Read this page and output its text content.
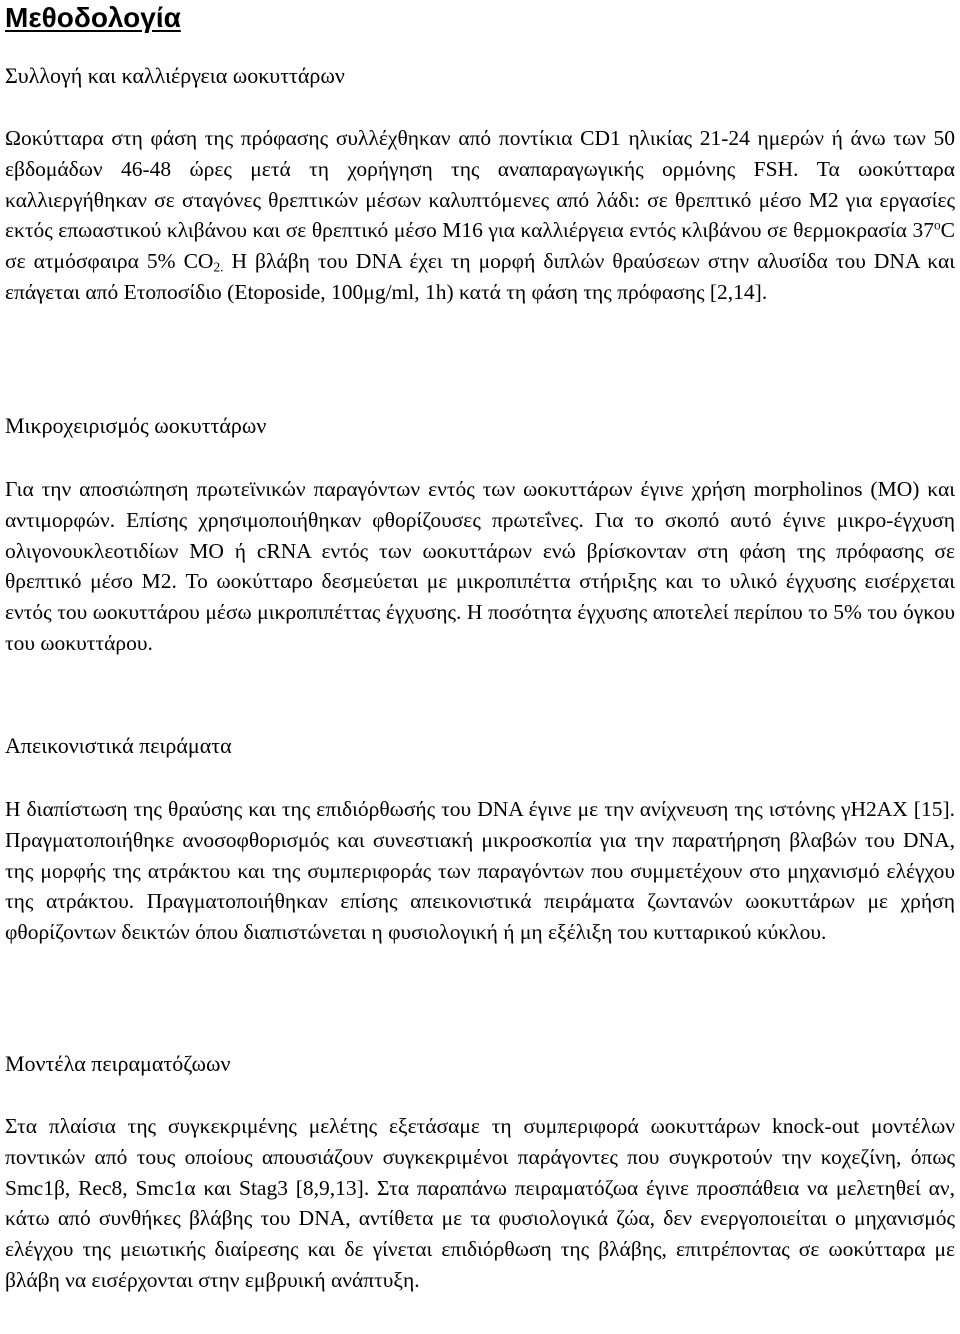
Μεθοδολογία
Συλλογή και καλλιέργεια ωοκυττάρων

Ωοκύτταρα στη φάση της πρόφασης συλλέχθηκαν από ποντίκια CD1 ηλικίας 21-24 ημερών ή άνω των 50 εβδομάδων 46-48 ώρες μετά τη χορήγηση της αναπαραγωγικής ορμόνης FSH. Τα ωοκύτταρα καλλιεργήθηκαν σε σταγόνες θρεπτικών μέσων καλυπτόμενες από λάδι: σε θρεπτικό μέσο M2 για εργασίες εκτός επωαστικού κλιβάνου και σε θρεπτικό μέσο M16 για καλλιέργεια εντός κλιβάνου σε θερμοκρασία 37$^o$C σε ατμόσφαιρα 5% $CO_{2.}$ Η βλάβη του DNA έχει τη μορφή διπλών θραύσεων στην αλυσίδα του DNA και επάγεται από Ετοποσίδιο (Etoposide, 100μg/ml, 1h) κατά τη φάση της πρόφασης [2,14].

Μικροχειρισμός ωοκυττάρων

Για την αποσιώπηση πρωτεϊνικών παραγόντων εντός των ωοκυττάρων έγινε χρήση morpholinos (MO) και αντιμορφών. Επίσης χρησιμοποιήθηκαν φθορίζουσες πρωτεΐνες. Για το σκοπό αυτό έγινε μικρο-έγχυση ολιγονουκλεοτιδίων MO ή cRNA εντός των ωοκυττάρων ενώ βρίσκονταν στη φάση της πρόφασης σε θρεπτικό μέσο M2. Το ωοκύτταρο δεσμεύεται με μικροπιπέττα στήριξης και το υλικό έγχυσης εισέρχεται εντός του ωοκυττάρου μέσω μικροπιπέττας έγχυσης. Η ποσότητα έγχυσης αποτελεί περίπου το 5% του όγκου του ωοκυττάρου.

Απεικονιστικά πειράματα

Η διαπίστωση της θραύσης και της επιδιόρθωσής του DNA έγινε με την ανίχνευση της ιστόνης γH2AX [15]. Πραγματοποιήθηκε ανοσοφθορισμός και συνεστιακή μικροσκοπία για την παρατήρηση βλαβών του DNA, της μορφής της ατράκτου και της συμπεριφοράς των παραγόντων που συμμετέχουν στο μηχανισμό ελέγχου της ατράκτου. Πραγματοποιήθηκαν επίσης απεικονιστικά πειράματα ζωντανών ωοκυττάρων με χρήση φθορίζοντων δεικτών όπου διαπιστώνεται η φυσιολογική ή μη εξέλιξη του κυτταρικού κύκλου.

Μοντέλα πειραματόζωων

Στα πλαίσια της συγκεκριμένης μελέτης εξετάσαμε τη συμπεριφορά ωοκυττάρων knock-out μοντέλων ποντικών από τους οποίους απουσιάζουν συγκεκριμένοι παράγοντες που συγκροτούν την κοχεζίνη, όπως Smc1β, Rec8, Smc1α και Stag3 [8,9,13]. Στα παραπάνω πειραματόζωα έγινε προσπάθεια να μελετηθεί αν, κάτω από συνθήκες βλάβης του DNA, αντίθετα με τα φυσιολογικά ζώα, δεν ενεργοποιείται ο μηχανισμός ελέγχου της μειωτικής διαίρεσης και δε γίνεται επιδιόρθωση της βλάβης, επιτρέποντας σε ωοκύτταρα με βλάβη να εισέρχονται στην εμβρυική ανάπτυξη.
